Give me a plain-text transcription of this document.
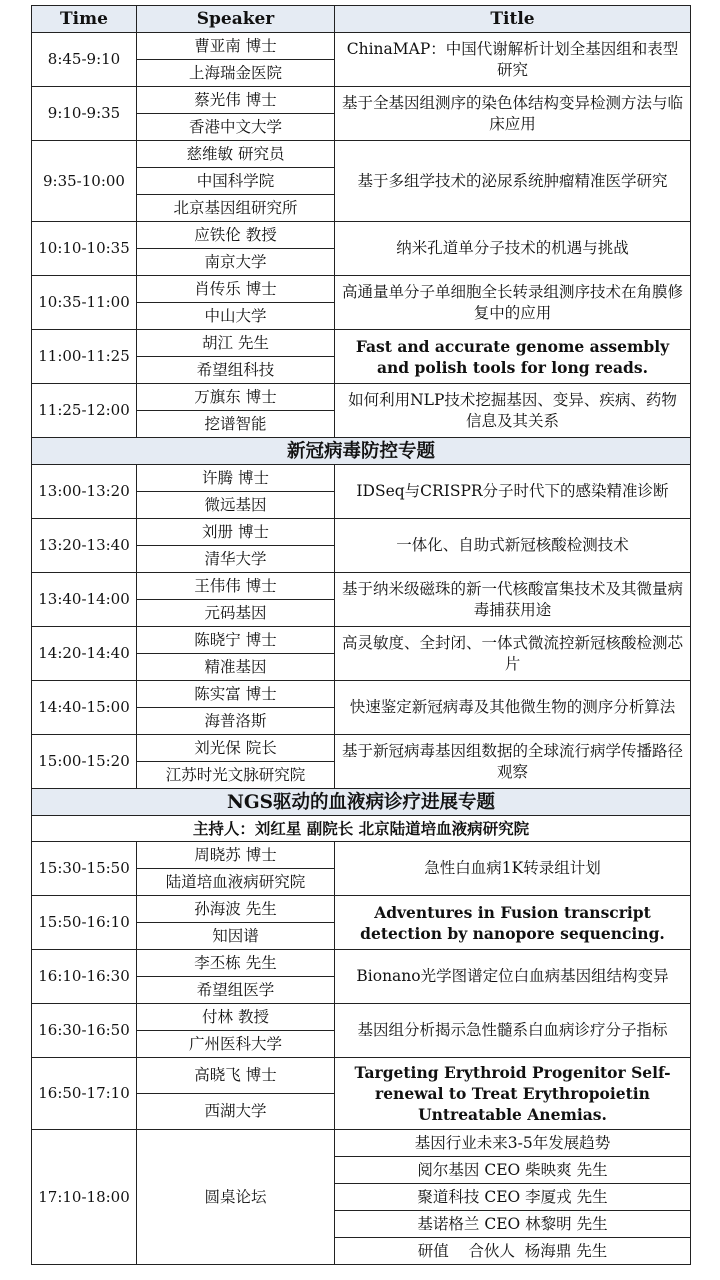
Time	Speaker	Title
8:45-9:10	曹亚南 博士	ChinaMAP：中国代谢解析计划全基因组和表型研究
	上海瑞金医院	
9:10-9:35	蔡光伟 博士	基于全基因组测序的染色体结构变异检测方法与临床应用
	香港中文大学	
9:35-10:00	慈维敏 研究员	基于多组学技术的泌尿系统肿瘤精准医学研究
	中国科学院	
	北京基因组研究所	
10:10-10:35	应铁伦 教授	纳米孔道单分子技术的机遇与挑战
	南京大学	
10:35-11:00	肖传乐 博士	高通量单分子单细胞全长转录组测序技术在角膜修复中的应用
	中山大学	
11:00-11:25	胡江 先生	Fast and accurate genome assembly and polish tools for long reads.
	希望组科技	
11:25-12:00	万旗东 博士	如何利用NLP技术挖掘基因、变异、疾病、药物信息及其关系
	挖谱智能	
新冠病毒防控专题		
13:00-13:20	许腾 博士	IDSeq与CRISPR分子时代下的感染精准诊断
	微远基因	
13:20-13:40	刘册 博士	一体化、自助式新冠核酸检测技术
	清华大学	
13:40-14:00	王伟伟 博士	基于纳米级磁珠的新一代核酸富集技术及其微量病毒捕获用途
	元码基因	
14:20-14:40	陈晓宁 博士	高灵敏度、全封闭、一体式微流控新冠核酸检测芯片
	精准基因	
14:40-15:00	陈实富 博士	快速鉴定新冠病毒及其他微生物的测序分析算法
	海普洛斯	
15:00-15:20	刘光保 院长	基于新冠病毒基因组数据的全球流行病学传播路径观察
	江苏时光文脉研究院	
NGS驱动的血液病诊疗进展专题		
主持人：刘红星 副院长 北京陆道培血液病研究院		
15:30-15:50	周晓苏 博士	急性白血病1K转录组计划
	陆道培血液病研究院	
15:50-16:10	孙海波 先生	Adventures in Fusion transcript detection by nanopore sequencing.
	知因谱	
16:10-16:30	李丕栋 先生	Bionano光学图谱定位白血病基因组结构变异
	希望组医学	
16:30-16:50	付林 教授	基因组分析揭示急性髓系白血病诊疗分子指标
	广州医科大学	
16:50-17:10	高晓飞 博士	Targeting Erythroid Progenitor Self-renewal to Treat Erythropoietin Untreatable Anemias.
	西湖大学	
17:10-18:00	圆桌论坛	基因行业未来3-5年发展趋势
		阅尔基因 CEO 柴映爽 先生
		聚道科技 CEO 李厦戎 先生
		基诺格兰 CEO 林黎明 先生
		研值    合伙人  杨海鼎 先生
